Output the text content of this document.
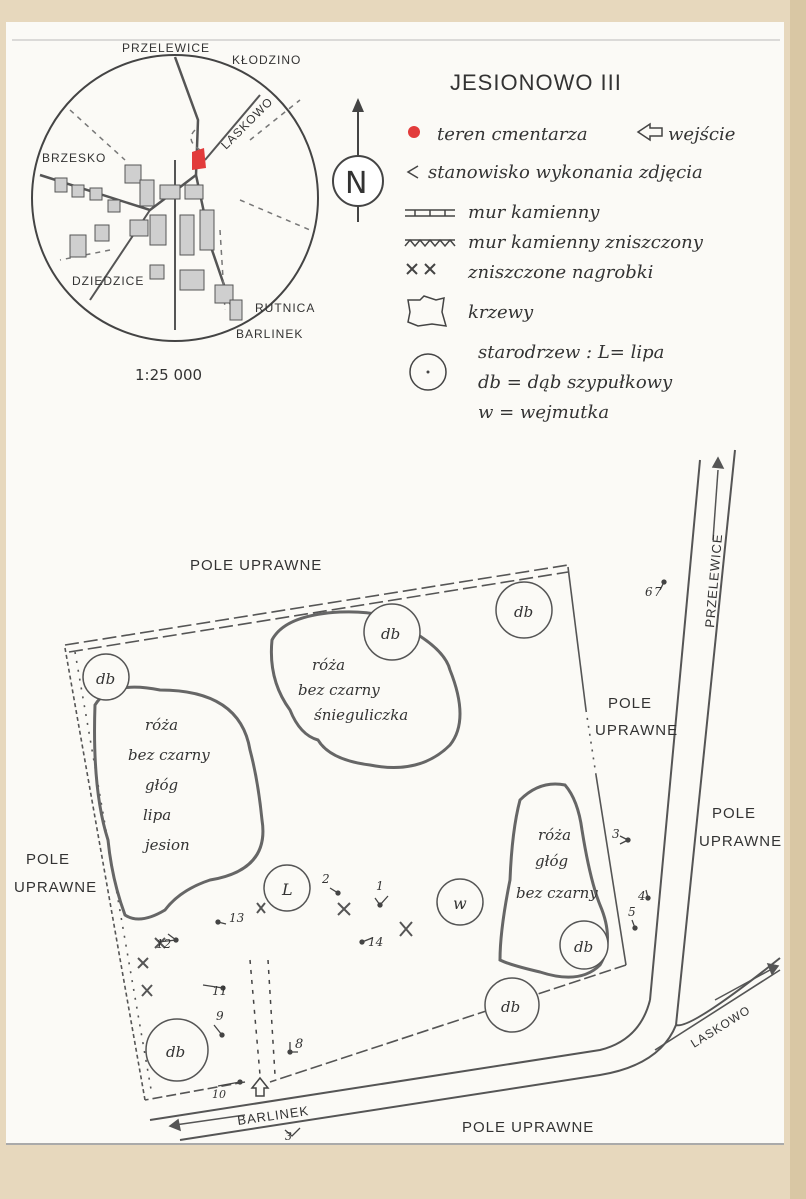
JESIONOWO III
PRZELEWICE
KŁODZINO
BRZESKO
LASKOWO
DZIEDZICE
RUTNICA
BARLINEK
1:25 000
N
teren cmentarza	wejście
stanowisko wykonania zdjęcia
mur kamienny
mur kamienny zniszczony
zniszczone nagrobki
krzewy
starodrzew : L= lipa
db = dąb szypułkowy
w = wejmutka
PRZELEWICE
LASKOWO
BARLINEK
POLE UPRAWNE
POLE
UPRAWNE
POLE
UPRAWNE
POLE
UPRAWNE
POLE UPRAWNE
róża
bez czarny
głóg
lipa
jesion
róża
bez czarny
śnieguliczka
róża
głóg
bez czarny
db
db
db
db
db
db
L
w
1
2
3
4
5
6 7
8
9
10
11
12
13
14
3
